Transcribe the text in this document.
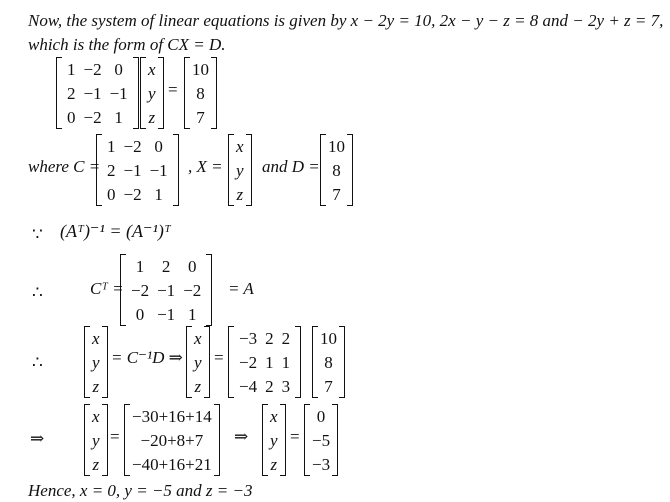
Now, the system of linear equations is given by x − 2y = 10, 2x − y − z = 8 and − 2y + z = 7,
which is the form of CX = D.
1	−2	0
2	−1	−1
0	−2	1
x
y
z
=
10
8
7
where C =
1	−2	0
2	−1	−1
0	−2	1
, X =
x
y
z
and D =
10
8
7
∵ (Aᵀ)⁻¹ = (A⁻¹)ᵀ
∴	Cᵀ =
1	2	0
−2	−1	−2
0	−1	1
= A
∴
x
y
z
= C⁻¹D ⇒
x
y
z
=
−3	2	2
−2	1	1
−4	2	3
10
8
7
⇒
x
y
z
=
−30+16+14
−20+8+7
−40+16+21
⇒
x
y
z
=
0
−5
−3
Hence, x = 0, y = −5 and z = −3
